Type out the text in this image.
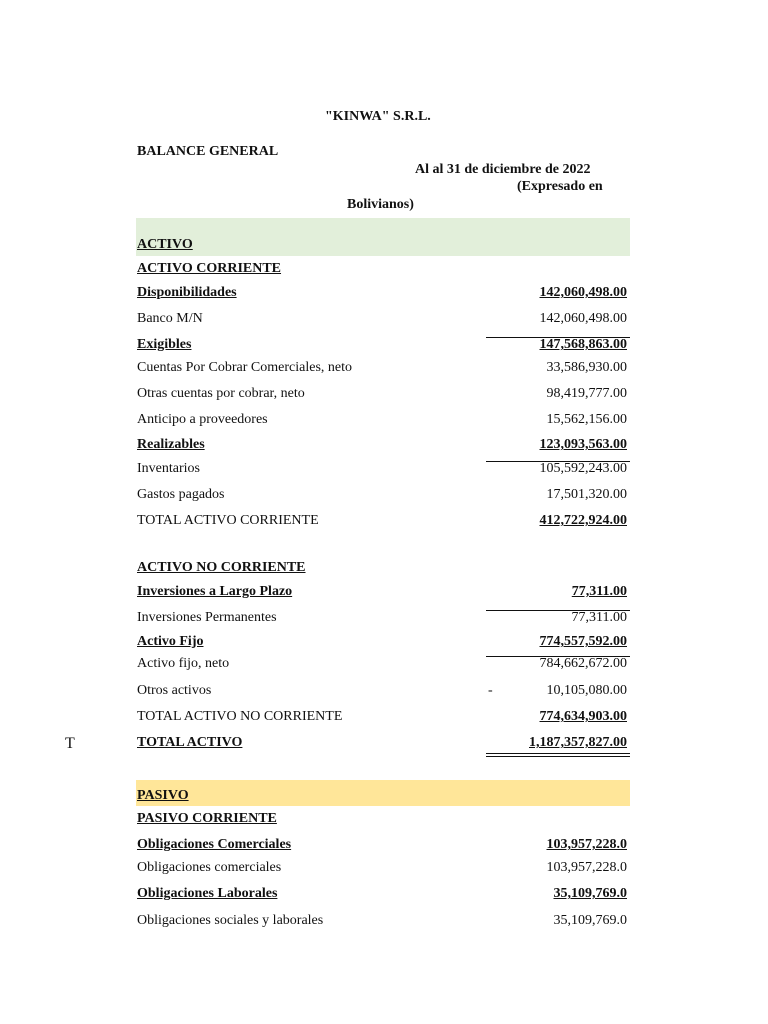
"KINWA" S.R.L.
BALANCE GENERAL
Al al 31 de diciembre de 2022
(Expresado en
Bolivianos)
ACTIVO
ACTIVO CORRIENTE
Disponibilidades	142,060,498.00
Banco M/N	142,060,498.00
Exigibles	147,568,863.00
Cuentas Por Cobrar Comerciales, neto	33,586,930.00
Otras cuentas por cobrar, neto	98,419,777.00
Anticipo a proveedores	15,562,156.00
Realizables	123,093,563.00
Inventarios	105,592,243.00
Gastos pagados	17,501,320.00
TOTAL ACTIVO CORRIENTE	412,722,924.00
ACTIVO NO CORRIENTE
Inversiones a Largo Plazo	77,311.00
Inversiones Permanentes	77,311.00
Activo Fijo	774,557,592.00
Activo fijo, neto	784,662,672.00
Otros activos	-	10,105,080.00
TOTAL ACTIVO NO CORRIENTE	774,634,903.00
T	TOTAL ACTIVO	1,187,357,827.00
PASIVO
PASIVO CORRIENTE
Obligaciones Comerciales	103,957,228.0
Obligaciones comerciales	103,957,228.0
Obligaciones Laborales	35,109,769.0
Obligaciones sociales y laborales	35,109,769.0
